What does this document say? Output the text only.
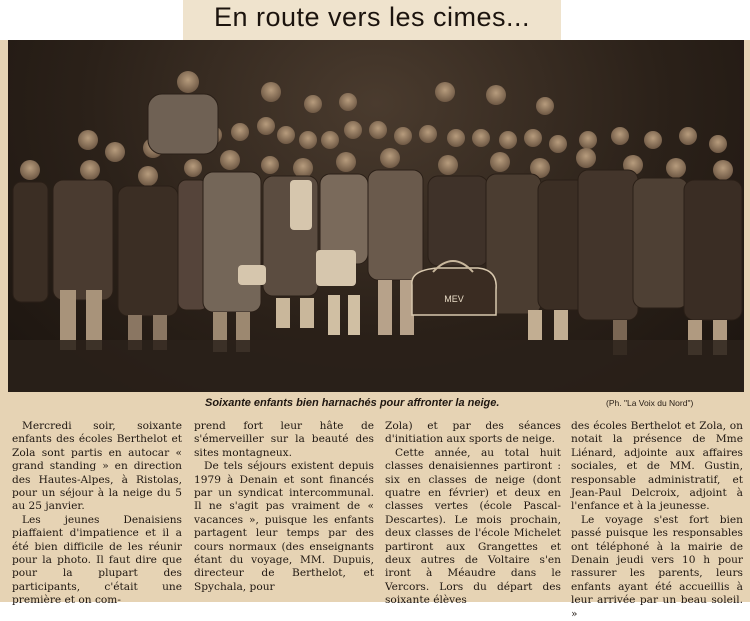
En route vers les cimes...
MEV
Soixante enfants bien harnachés pour affronter la neige.	(Ph. "La Voix du Nord")

Mercredi soir, soixante enfants des écoles Berthelot et Zola sont partis en autocar « grand standing » en direction des Hautes-Alpes, à Ristolas, pour un séjour à la neige du 5 au 25 janvier.

Les jeunes Denaisiens piaffaient d'impatience et il a été bien difficile de les réunir pour la photo. Il faut dire que pour la plupart des participants, c'était une première et on com-

prend fort leur hâte de s'émerveiller sur la beauté des sites montagneux.

De tels séjours existent depuis 1979 à Denain et sont financés par un syndicat intercommunal. Il ne s'agit pas vraiment de « vacances », puisque les enfants partagent leur temps par des cours normaux (des enseignants étant du voyage, MM. Dupuis, directeur de Berthelot, et Spychala, pour

Zola) et par des séances d'initiation aux sports de neige.

Cette année, au total huit classes denaisiennes partiront : six en classes de neige (dont quatre en février) et deux en classes vertes (école Pascal-Descartes). Le mois prochain, deux classes de l'école Michelet partiront aux Grangettes et deux autres de Voltaire s'en iront à Méaudre dans le Vercors. Lors du départ des soixante élèves

des écoles Berthelot et Zola, on notait la présence de Mme Liénard, adjointe aux affaires sociales, et de MM. Gustin, responsable administratif, et Jean-Paul Delcroix, adjoint à l'enfance et à la jeunesse.

Le voyage s'est fort bien passé puisque les responsables ont téléphoné à la mairie de Denain jeudi vers 10 h pour rassurer les parents, leurs enfants ayant été accueillis à leur arrivée par un beau soleil. »
